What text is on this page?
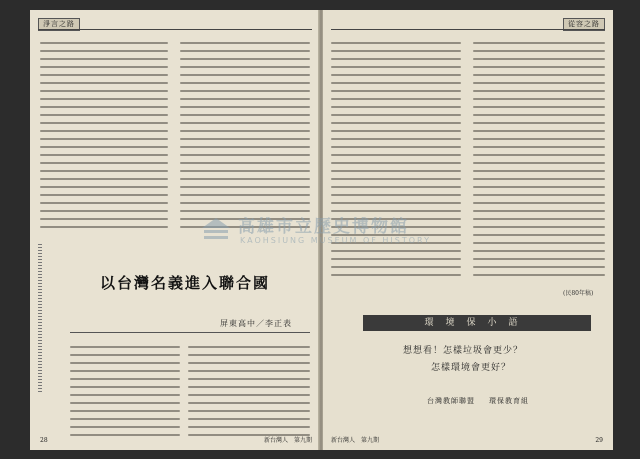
淨言之路
以台灣名義進入聯合國
屏東高中／李正表
28	新台灣人　第九期
從容之路
(民80年稿)
環境保小語
想想看！怎樣垃圾會更少？
怎樣環境會更好？
台灣教師聯盟 環保教育組
新台灣人　第九期	29
高雄市立歷史博物館
KAOHSIUNG MUSEUM OF HISTORY
